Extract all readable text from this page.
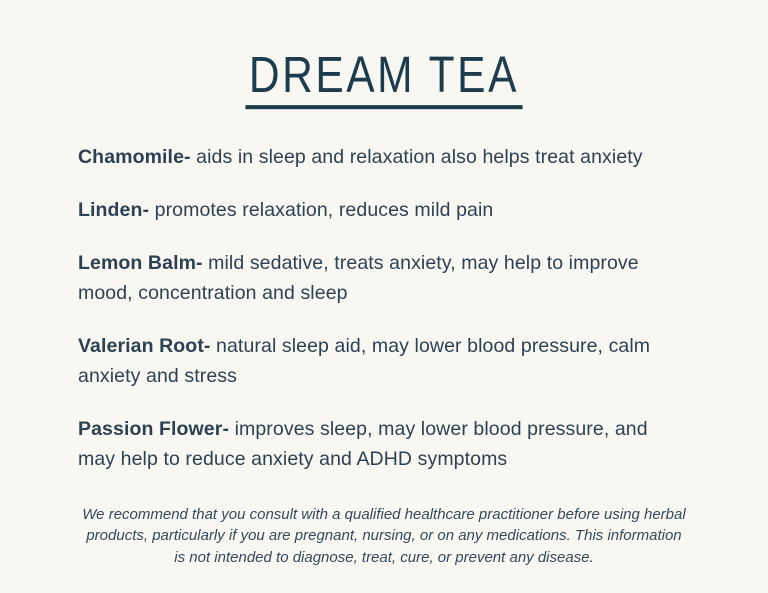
DREAM TEA
Chamomile- aids in sleep and relaxation also helps treat anxiety
Linden- promotes relaxation, reduces mild pain
Lemon Balm- mild sedative, treats anxiety, may help to improve mood, concentration and sleep
Valerian Root- natural sleep aid, may lower blood pressure, calm anxiety and stress
Passion Flower- improves sleep, may lower blood pressure, and may help to reduce anxiety and ADHD symptoms

We recommend that you consult with a qualified healthcare practitioner before using herbal products, particularly if you are pregnant, nursing, or on any medications. This information is not intended to diagnose, treat, cure, or prevent any disease.
